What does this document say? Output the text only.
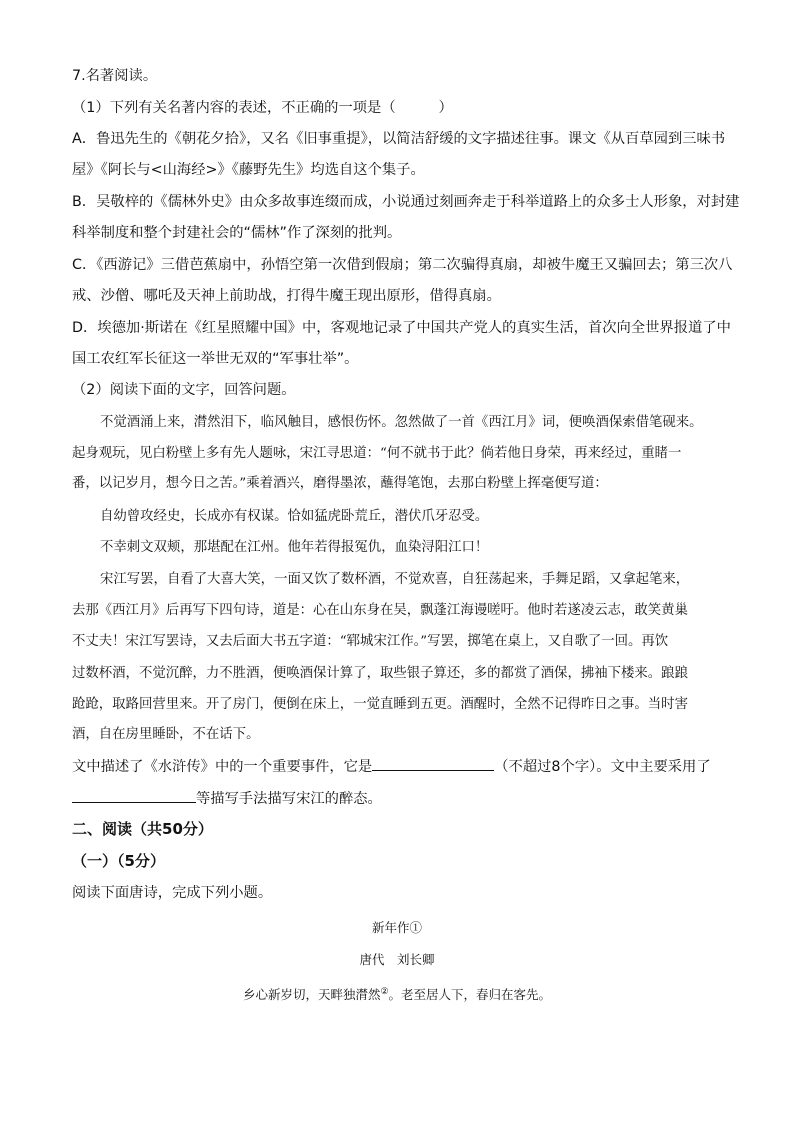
7.名著阅读。
（1）下列有关名著内容的表述，不正确的一项是（　　　）
A．鲁迅先生的《朝花夕拾》，又名《旧事重提》，以简洁舒缓的文字描述往事。课文《从百草园到三味书
屋》《阿长与<山海经>》《藤野先生》均选自这个集子。
B．吴敬梓的《儒林外史》由众多故事连缀而成，小说通过刻画奔走于科举道路上的众多士人形象，对封建
科举制度和整个封建社会的“儒林”作了深刻的批判。
C．《西游记》三借芭蕉扇中，孙悟空第一次借到假扇；第二次骗得真扇，却被牛魔王又骗回去；第三次八
戒、沙僧、哪吒及天神上前助战，打得牛魔王现出原形，借得真扇。
D．埃德加·斯诺在《红星照耀中国》中，客观地记录了中国共产党人的真实生活，首次向全世界报道了中
国工农红军长征这一举世无双的“军事壮举”。
（2）阅读下面的文字，回答问题。
不觉酒涌上来，潸然泪下，临风触目，感恨伤怀。忽然做了一首《西江月》词，便唤酒保索借笔砚来。
起身观玩，见白粉壁上多有先人题咏，宋江寻思道：“何不就书于此？倘若他日身荣，再来经过，重睹一
番，以记岁月，想今日之苦。”乘着酒兴，磨得墨浓，蘸得笔饱，去那白粉壁上挥毫便写道：
自幼曾攻经史，长成亦有权谋。恰如猛虎卧荒丘，潜伏爪牙忍受。
不幸刺文双颊，那堪配在江州。他年若得报冤仇，血染浔阳江口！
宋江写罢，自看了大喜大笑，一面又饮了数杯酒，不觉欢喜，自狂荡起来，手舞足蹈，又拿起笔来，
去那《西江月》后再写下四句诗，道是：心在山东身在吴，飘蓬江海谩嗟吁。他时若遂凌云志，敢笑黄巢
不丈夫！宋江写罢诗，又去后面大书五字道：“郓城宋江作。”写罢，掷笔在桌上，又自歌了一回。再饮
过数杯酒，不觉沉醉，力不胜酒，便唤酒保计算了，取些银子算还，多的都赏了酒保，拂袖下楼来。踉踉
跄跄，取路回营里来。开了房门，便倒在床上，一觉直睡到五更。酒醒时，全然不记得昨日之事。当时害
酒，自在房里睡卧，不在话下。
文中描述了《水浒传》中的一个重要事件，它是	（不超过8个字）。文中主要采用了
等描写手法描写宋江的醉态。
二、阅读（共50分）
（一）（5分）
阅读下面唐诗，完成下列小题。
新年作①
唐代　刘长卿
乡心新岁切，天畔独潸然②。老至居人下，春归在客先。
